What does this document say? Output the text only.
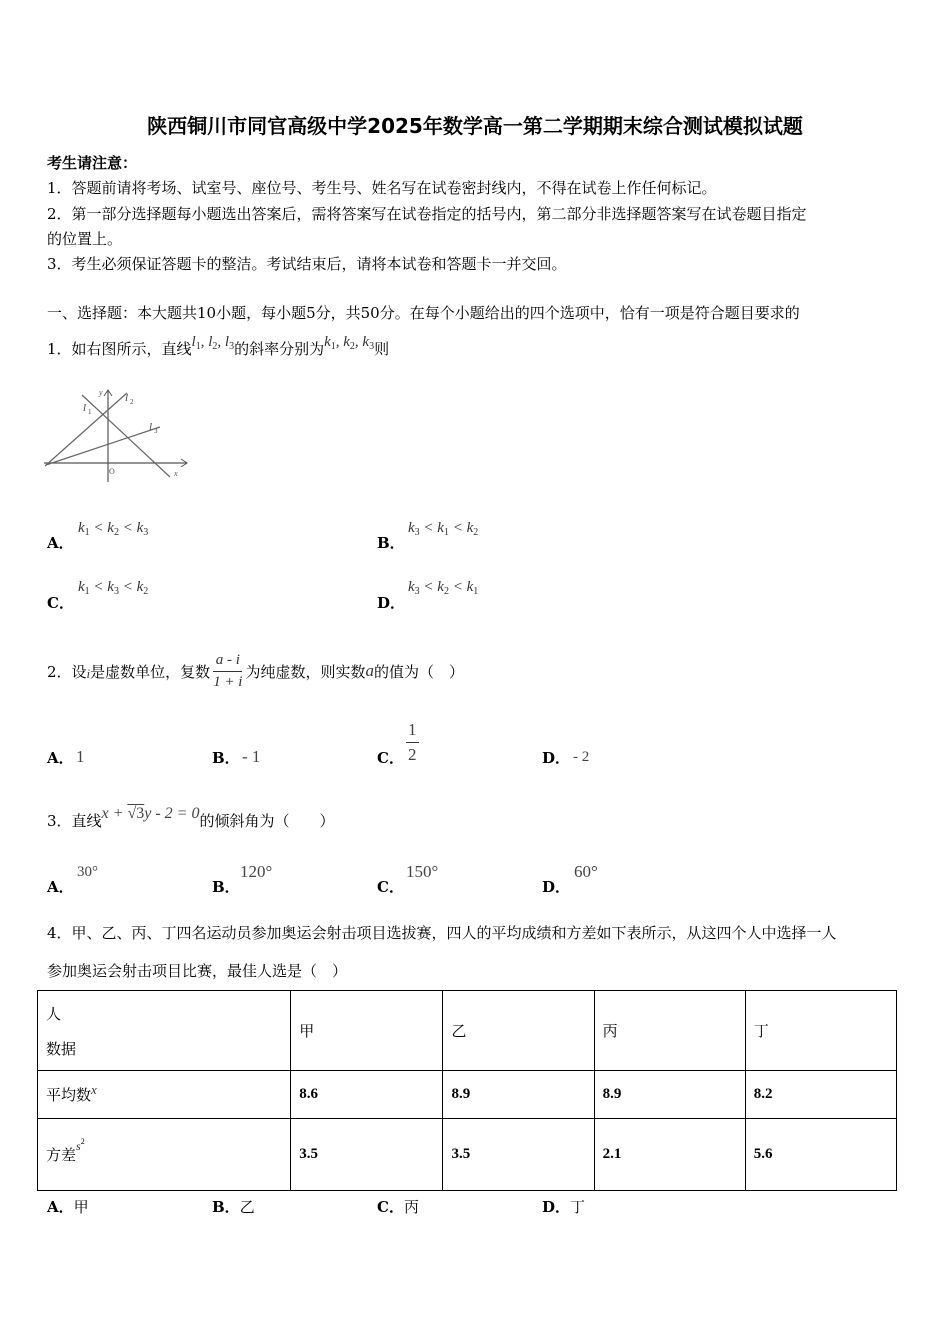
陕西铜川市同官高级中学2025年数学高一第二学期期末综合测试模拟试题
考生请注意：
1．答题前请将考场、试室号、座位号、考生号、姓名写在试卷密封线内，不得在试卷上作任何标记。
2．第一部分选择题每小题选出答案后，需将答案写在试卷指定的括号内，第二部分非选择题答案写在试卷题目指定
的位置上。
3．考生必须保证答题卡的整洁。考试结束后，请将本试卷和答题卡一并交回。
一、选择题：本大题共10小题，每小题5分，共50分。在每个小题给出的四个选项中，恰有一项是符合题目要求的
1．如右图所示，直线$l_1$, $l_2$, $l_3$的斜率分别为$k_1$, $k_2$, $k_3$则
l 1
l 2
l 3
y
x
O
A．
$k_1 < k_2 < k_3$
B．
$k_3 < k_1 < k_2$
C．
$k_1 < k_3 < k_2$
D．
$k_3 < k_2 < k_1$
2．设 i 是虚数单位，复数 $\frac{a - i}{1 + i}$ 为纯虚数，则实数 a 的值为（　）
A． 1	B． - 1	C． $\frac{1}{2}$	D． - 2
3．直线 x + √3y - 2 = 0 的倾斜角为（　　）
A．
30°
B．
120°
C．
150°
D．
60°
4．甲、乙、丙、丁四名运动员参加奥运会射击项目选拔赛，四人的平均成绩和方差如下表所示，从这四个人中选择一人
参加奥运会射击项目比赛，最佳人选是（　）
人
数据	甲	乙	丙	丁
平均数x	8.6	8.9	8.9	8.2
方差$^{s2}$	3.5	3.5	2.1	5.6
A．甲	B．乙	C．丙	D．丁
